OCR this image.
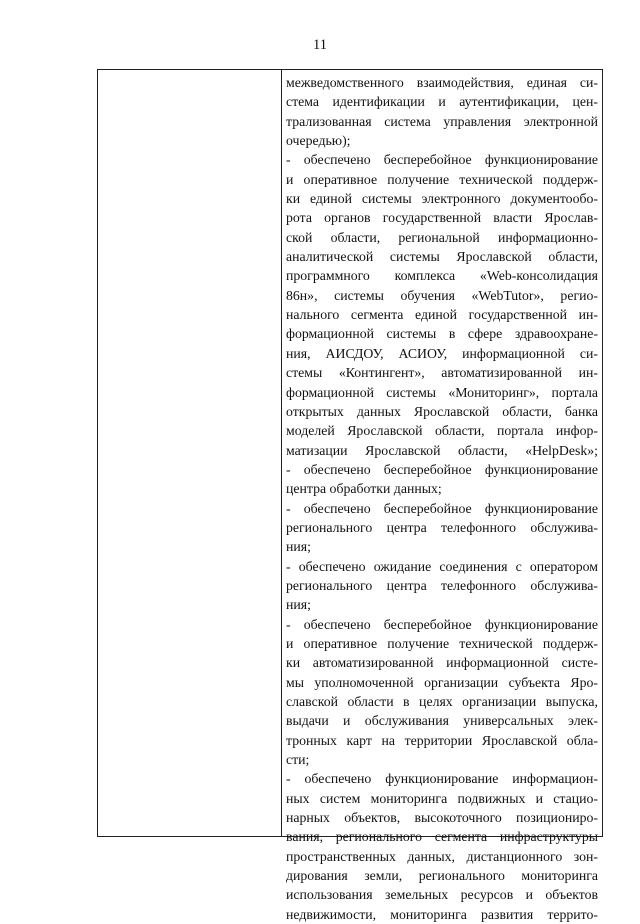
11
межведомственного взаимодействия, единая си-
стема идентификации и аутентификации, цен-
трализованная система управления электронной
очередью);
- обеспечено бесперебойное функционирование
и оперативное получение технической поддерж-
ки единой системы электронного документообо-
рота органов государственной власти Ярослав-
ской области, региональной информационно-
аналитической системы Ярославской области,
программного комплекса «Web-консолидация
86н», системы обучения «WebTutor», регио-
нального сегмента единой государственной ин-
формационной системы в сфере здравоохране-
ния, АИСДОУ, АСИОУ, информационной си-
стемы «Контингент», автоматизированной ин-
формационной системы «Мониторинг», портала
открытых данных Ярославской области, банка
моделей Ярославской области, портала инфор-
матизации Ярославской области, «HelpDesk»;
- обеспечено бесперебойное функционирование
центра обработки данных;
- обеспечено бесперебойное функционирование
регионального центра телефонного обслужива-
ния;
- обеспечено ожидание соединения с оператором
регионального центра телефонного обслужива-
ния;
- обеспечено бесперебойное функционирование
и оперативное получение технической поддерж-
ки автоматизированной информационной систе-
мы уполномоченной организации субъекта Яро-
славской области в целях организации выпуска,
выдачи и обслуживания универсальных элек-
тронных карт на территории Ярославской обла-
сти;
- обеспечено функционирование информацион-
ных систем мониторинга подвижных и стацио-
нарных объектов, высокоточного позициониро-
вания, регионального сегмента инфраструктуры
пространственных данных, дистанционного зон-
дирования земли, регионального мониторинга
использования земельных ресурсов и объектов
недвижимости, мониторинга развития террито-
